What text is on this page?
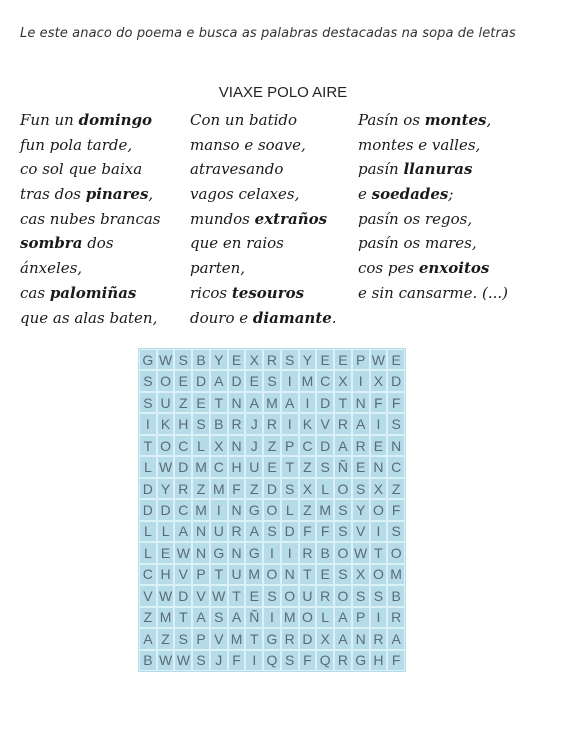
Le este anaco do poema e busca as palabras destacadas na sopa de letras
VIAXE POLO AIRE
Fun un domingo
fun pola tarde,
co sol que baixa
tras dos pinares,
cas nubes brancas
sombra dos
ánxeles,
cas palomiñas
que as alas baten,
Con un batido
manso e soave,
atravesando
vagos celaxes,
mundos extraños
que en raios
parten,
ricos tesouros
douro e diamante.
Pasín os montes,
montes e valles,
pasín llanuras
e soedades;
pasín os regos,
pasín os mares,
cos pes enxoitos
e sin cansarme. (...)
G W S B Y E X R S Y E E P W E
S O E D A D E S I M C X I X D
S U Z E T N A M A I D T N F F
I K H S B R J R I K V R A I S
T O C L X N J Z P C D A R E N
L W D M C H U E T Z S Ñ E N C
D Y R Z M F Z D S X L O S X Z
D D C M I N G O L Z M S Y O F
L L A N U R A S D F F S V I S
L E W N G N G I I R B O W T O
C H V P T U M O N T E S X O M
V W D V W T E S O U R O S S B
Z M T A S A Ñ I M O L A P I R
A Z S P V M T G R D X A N R A
B W W S J F I Q S F Q R G H F
